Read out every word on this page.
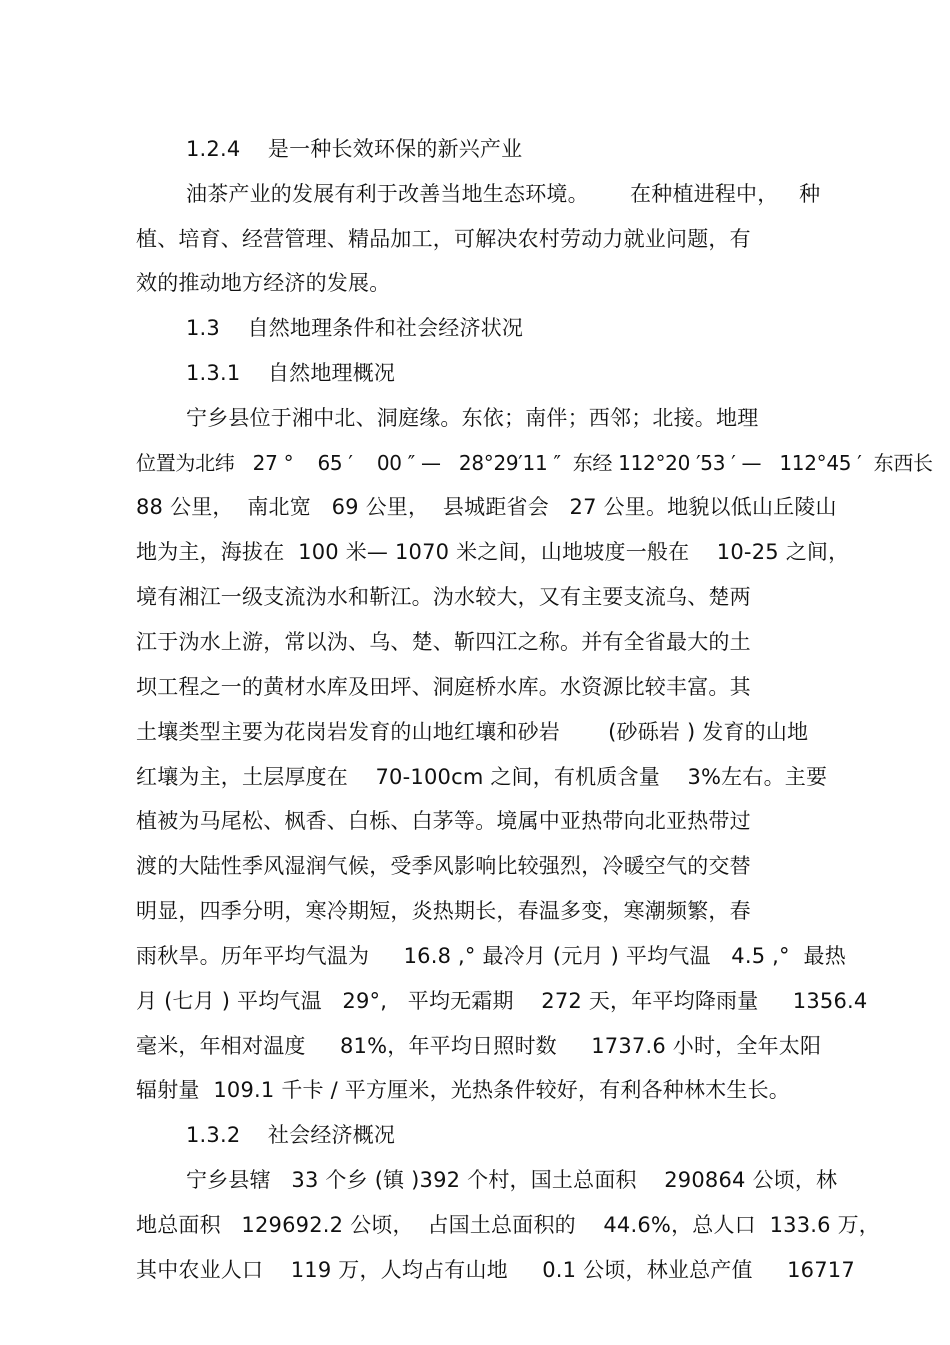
1.2.4    是一种长效环保的新兴产业
油茶产业的发展有利于改善当地生态环境。      在种植进程中，   种
植、培育、经营管理、精品加工，可解决农村劳动力就业问题，有
效的推动地方经济的发展。
1.3    自然地理条件和社会经济状况
1.3.1    自然地理概况
宁乡县位于湘中北、洞庭缘。东依；南伴；西邻；北接。地理
位置为北纬   27 °    65 ′    00 ″ —   28°29′11 ″  东经 112°20 ′53 ′ —   112°45 ′  东西长
88 公里，  南北宽   69 公里，  县城距省会   27 公里。地貌以低山丘陵山
地为主，海拔在  100 米— 1070 米之间，山地坡度一般在    10-25 之间，
境有湘江一级支流沩水和靳江。沩水较大，又有主要支流乌、楚两
江于沩水上游，常以沩、乌、楚、靳四江之称。并有全省最大的土
坝工程之一的黄材水库及田坪、洞庭桥水库。水资源比较丰富。其
土壤类型主要为花岗岩发育的山地红壤和砂岩       (砂砾岩 ) 发育的山地
红壤为主，土层厚度在    70-100cm 之间，有机质含量    3%左右。主要
植被为马尾松、枫香、白栎、白茅等。境属中亚热带向北亚热带过
渡的大陆性季风湿润气候，受季风影响比较强烈，冷暖空气的交替
明显，四季分明，寒冷期短，炎热期长，春温多变，寒潮频繁，春
雨秋旱。历年平均气温为     16.8 ,° 最冷月 (元月 ) 平均气温   4.5 ,°  最热
月 (七月 ) 平均气温   29°,   平均无霜期    272 天，年平均降雨量     1356.4
毫米，年相对温度     81%，年平均日照时数     1737.6 小时，全年太阳
辐射量  109.1 千卡 / 平方厘米，光热条件较好，有利各种林木生长。
1.3.2    社会经济概况
宁乡县辖   33 个乡 (镇 )392 个村，国土总面积    290864 公顷，林
地总面积   129692.2 公顷，  占国土总面积的    44.6%，总人口  133.6 万，
其中农业人口    119 万，人均占有山地     0.1 公顷，林业总产值     16717
